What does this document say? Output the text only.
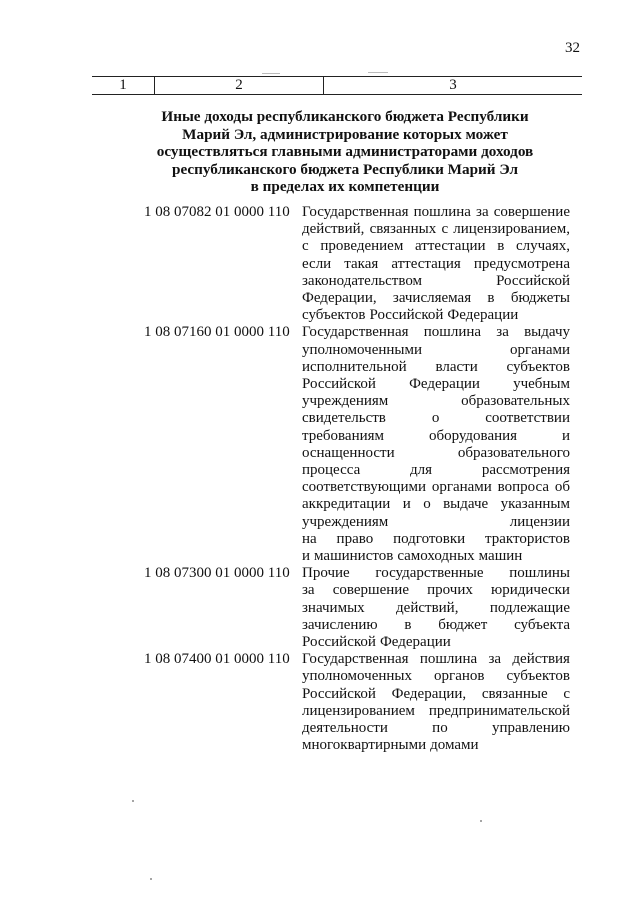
32
1	2	3
Иные доходы республиканского бюджета Республики
Марий Эл, администрирование которых может
осуществляться главными администраторами доходов
республиканского бюджета Республики Марий Эл
в пределах их компетенции
1 08 07082 01 0000 110 Государственная пошлина за совершение
действий, связанных с лицензированием,
с проведением аттестации в случаях,
если такая аттестация предусмотрена
законодательством	Российской
Федерации, зачисляемая в бюджеты
субъектов Российской Федерации
1 08 07160 01 0000 110 Государственная пошлина за выдачу
уполномоченными	органами
исполнительной власти субъектов
Российской Федерации учебным
учреждениям	образовательных
свидетельств	о	соответствии
требованиям	оборудования	и
оснащенности	образовательного
процесса	для	рассмотрения
соответствующими органами вопроса об
аккредитации и о выдаче указанным
учреждениям	лицензии
на право подготовки трактористов
и машинистов самоходных машин
1 08 07300 01 0000 110 Прочие государственные пошлины
за совершение прочих юридически
значимых действий, подлежащие
зачислению в бюджет субъекта
Российской Федерации
1 08 07400 01 0000 110 Государственная пошлина за действия
уполномоченных органов субъектов
Российской Федерации, связанные с
лицензированием предпринимательской
деятельности	по	управлению
многоквартирными домами
